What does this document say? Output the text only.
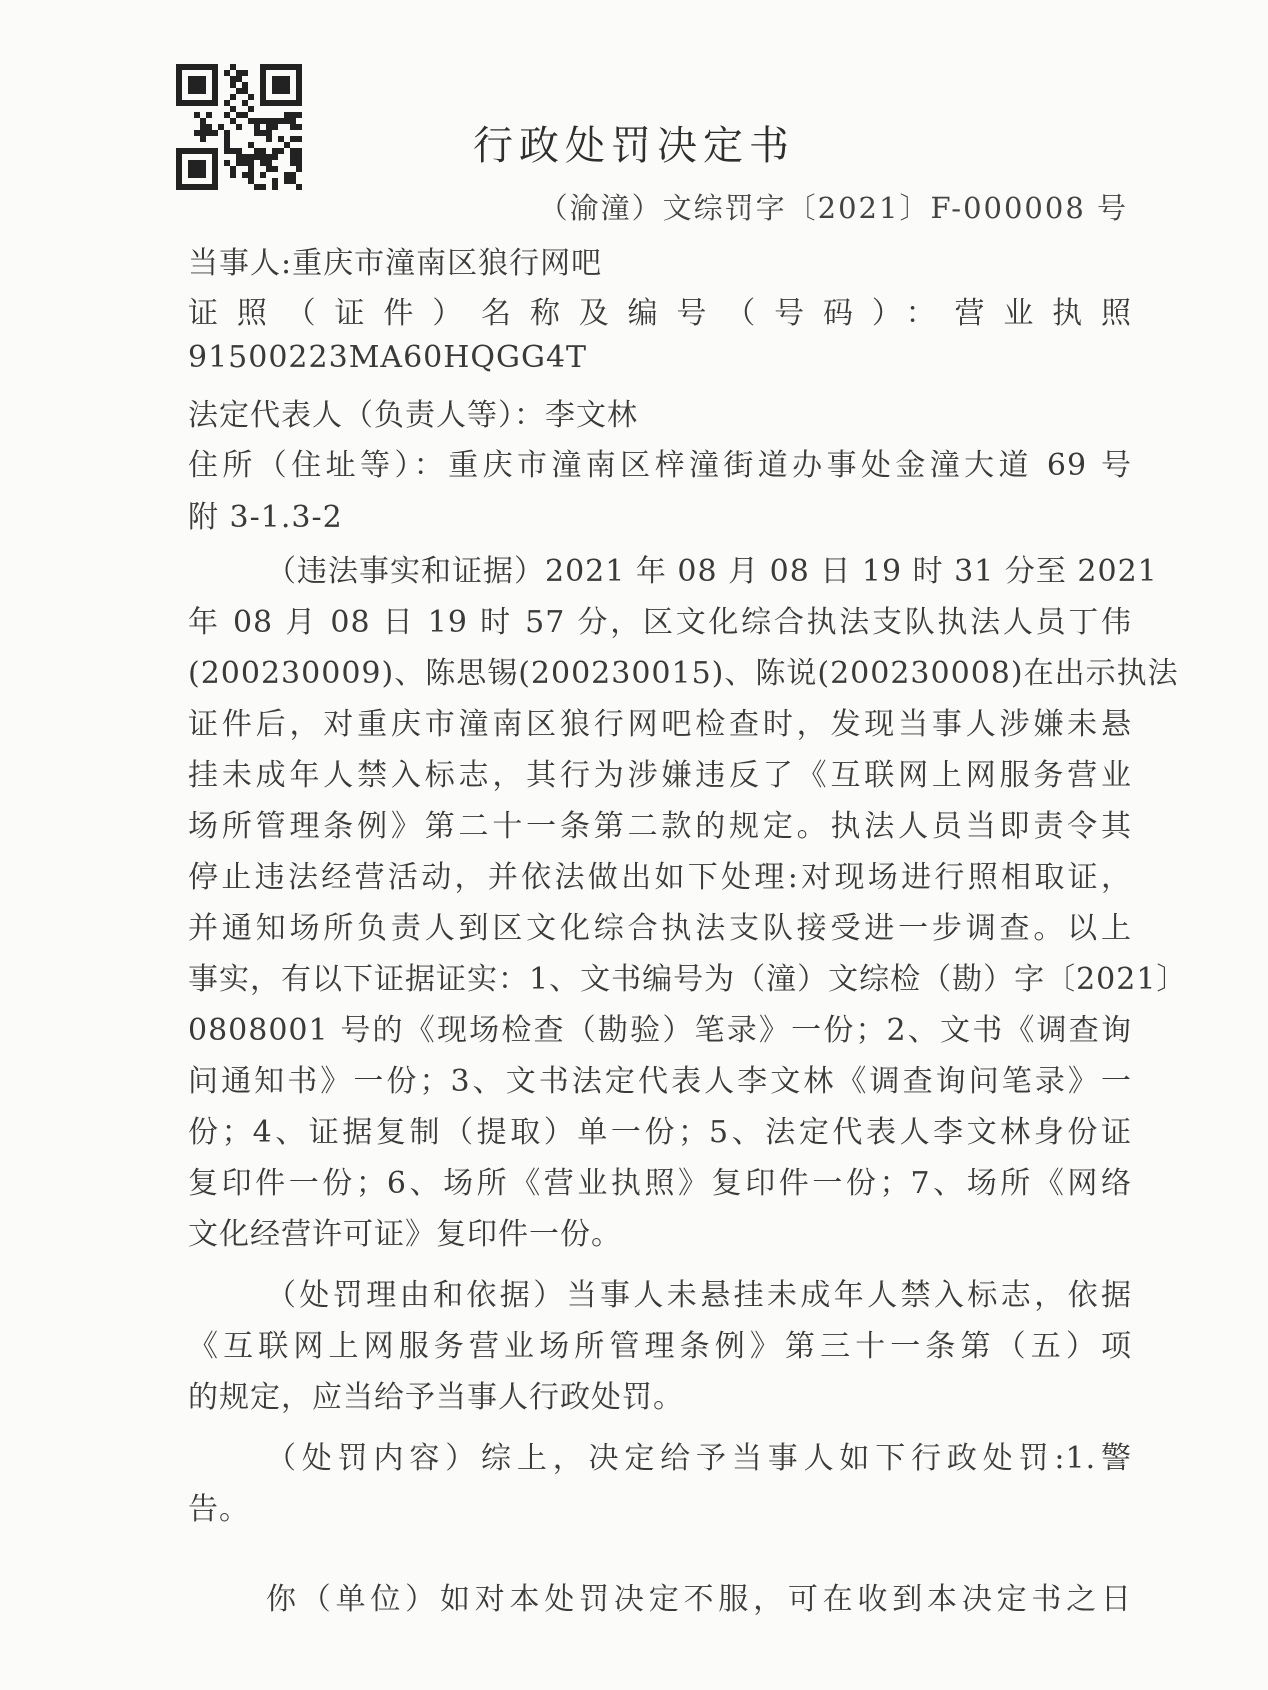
行政处罚决定书
（渝潼）文综罚字〔2021〕F-000008 号
当事人:重庆市潼南区狼行网吧
证照（证件）名称及编号（号码）：营业执照
91500223MA60HQGG4T
法定代表人（负责人等）：李文林
住所（住址等）：重庆市潼南区梓潼街道办事处金潼大道 69 号
附 3-1.3-2
（违法事实和证据）2021 年 08 月 08 日 19 时 31 分至 2021
年 08 月 08 日 19 时 57 分，区文化综合执法支队执法人员丁伟
(200230009)、陈思锡(200230015)、陈说(200230008)在出示执法
证件后，对重庆市潼南区狼行网吧检查时，发现当事人涉嫌未悬
挂未成年人禁入标志，其行为涉嫌违反了《互联网上网服务营业
场所管理条例》第二十一条第二款的规定。执法人员当即责令其
停止违法经营活动，并依法做出如下处理:对现场进行照相取证，
并通知场所负责人到区文化综合执法支队接受进一步调查。以上
事实，有以下证据证实：1、文书编号为（潼）文综检（勘）字〔2021〕
0808001 号的《现场检查（勘验）笔录》一份；2、文书《调查询
问通知书》一份；3、文书法定代表人李文林《调查询问笔录》一
份；4、证据复制（提取）单一份；5、法定代表人李文林身份证
复印件一份；6、场所《营业执照》复印件一份；7、场所《网络
文化经营许可证》复印件一份。
（处罚理由和依据）当事人未悬挂未成年人禁入标志，依据
《互联网上网服务营业场所管理条例》第三十一条第（五）项
的规定，应当给予当事人行政处罚。
（处罚内容）综上，决定给予当事人如下行政处罚:1.警
告。
你（单位）如对本处罚决定不服，可在收到本决定书之日
